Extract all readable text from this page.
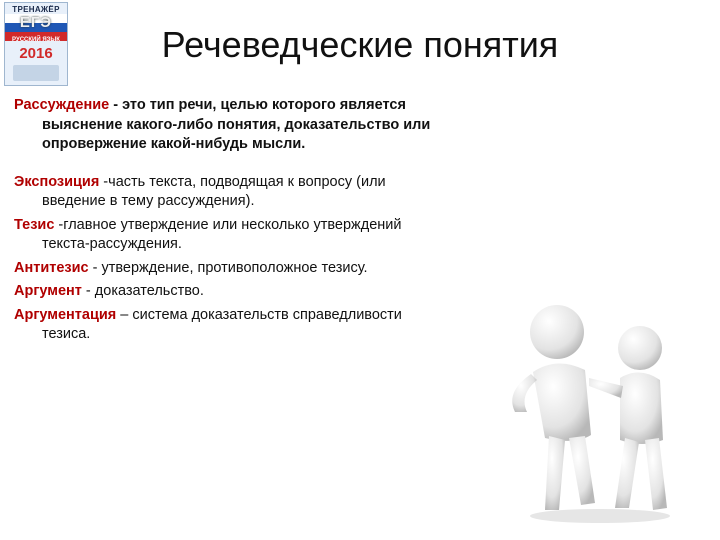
ТРЕНАЖЁР
ЕГЭ
РУССКИЙ ЯЗЫК
2016	Речеведческие понятия

Рассуждение - это тип речи, целью которого является выяснение какого-либо понятия, доказательство или опровержение какой-нибудь мысли.

Экспозиция -часть текста, подводящая к вопросу (или введение в тему рассуждения).

Тезис -главное утверждение или несколько утверждений текста-рассуждения.

Антитезис - утверждение, противоположное тезису.

Аргумент - доказательство.

Аргументация – система доказательств справедливости тезиса.
